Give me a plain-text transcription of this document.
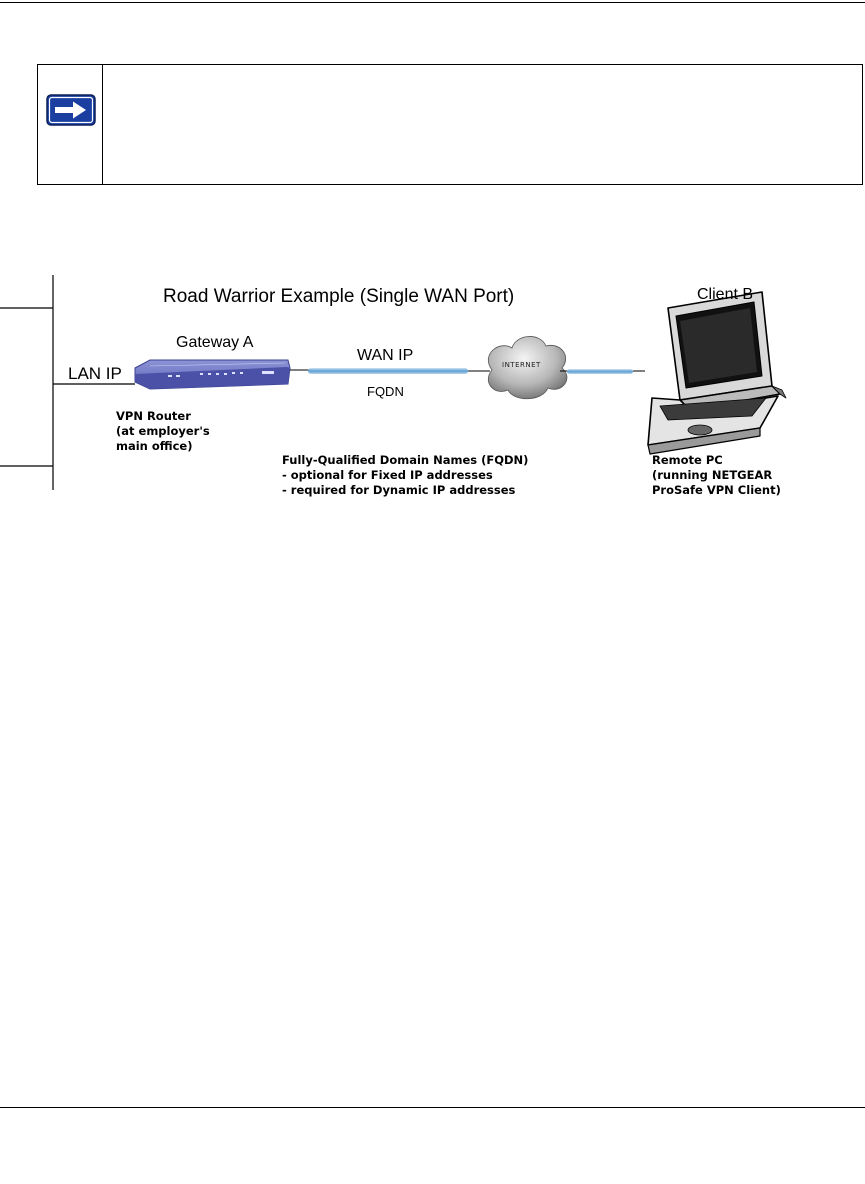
Road Warrior Example (Single WAN Port)
Gateway A
Client B
LAN IP
WAN IP
FQDN
INTERNET
VPN Router
(at employer's
main office)
Fully-Qualified Domain Names (FQDN)
- optional for Fixed IP addresses
- required for Dynamic IP addresses
Remote PC
(running NETGEAR
ProSafe VPN Client)
